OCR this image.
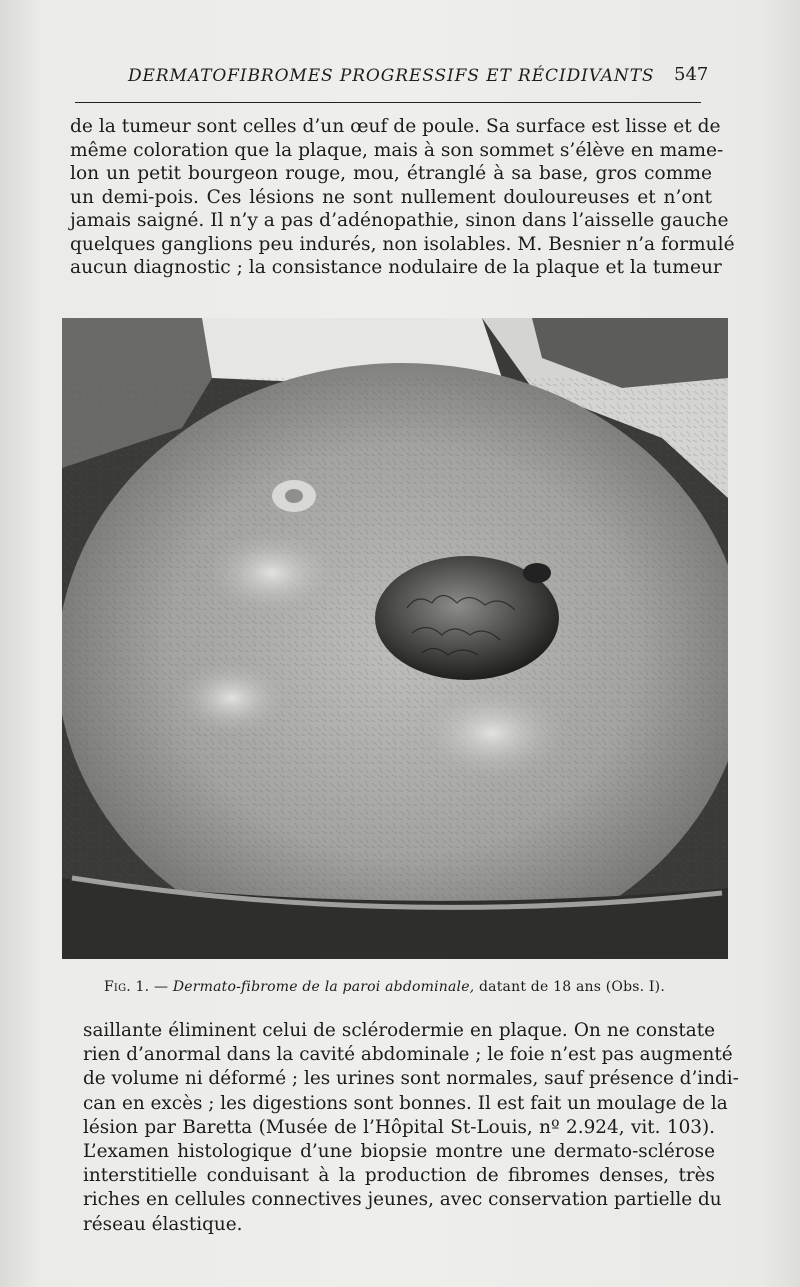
DERMATOFIBROMES PROGRESSIFS ET RÉCIDIVANTS 547
de la tumeur sont celles d’un œuf de poule. Sa surface est lisse et de
même coloration que la plaque, mais à son sommet s’élève en mame-
lon un petit bourgeon rouge, mou, étranglé à sa base, gros comme
un demi-pois. Ces lésions ne sont nullement douloureuses et n’ont
jamais saigné. Il n’y a pas d’adénopathie, sinon dans l’aisselle gauche
quelques ganglions peu indurés, non isolables. M. Besnier n’a formulé
aucun diagnostic ; la consistance nodulaire de la plaque et la tumeur
Fig. 1. — Dermato-fibrome de la paroi abdominale, datant de 18 ans (Obs. I).
saillante éliminent celui de sclérodermie en plaque. On ne constate
rien d’anormal dans la cavité abdominale ; le foie n’est pas augmenté
de volume ni déformé ; les urines sont normales, sauf présence d’indi-
can en excès ; les digestions sont bonnes. Il est fait un moulage de la
lésion par Baretta (Musée de l’Hôpital St-Louis, nº 2.924, vit. 103).
L’examen histologique d’une biopsie montre une dermato-sclérose
interstitielle conduisant à la production de fibromes denses, très
riches en cellules connectives jeunes, avec conservation partielle du
réseau élastique.
